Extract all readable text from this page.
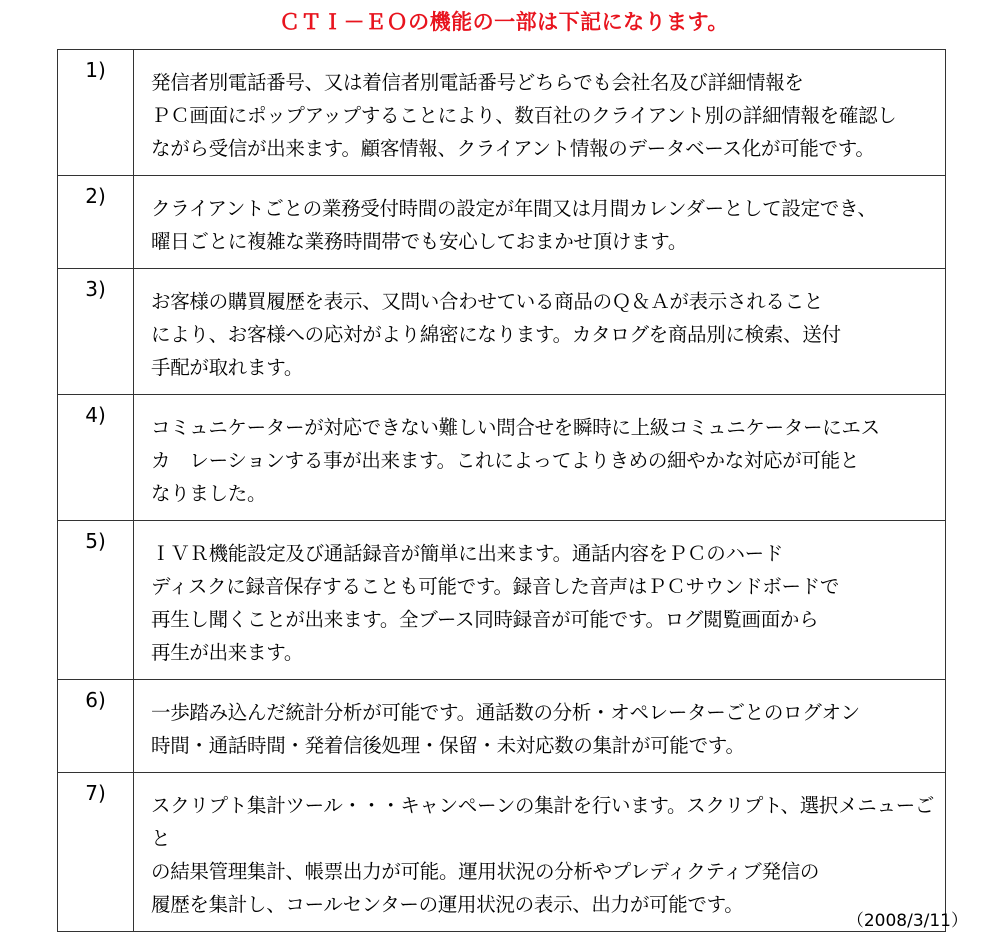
ＣＴＩ－ＥＯの機能の一部は下記になります。
1)	発信者別電話番号、又は着信者別電話番号どちらでも会社名及び詳細情報を
ＰＣ画面にポップアップすることにより、数百社のクライアント別の詳細情報を確認し
ながら受信が出来ます。顧客情報、クライアント情報のデータベース化が可能です。
2)	クライアントごとの業務受付時間の設定が年間又は月間カレンダーとして設定でき、
曜日ごとに複雑な業務時間帯でも安心しておまかせ頂けます。
3)	お客様の購買履歴を表示、又問い合わせている商品のＱ＆Ａが表示されること
により、お客様への応対がより綿密になります。カタログを商品別に検索、送付
手配が取れます。
4)	コミュニケーターが対応できない難しい問合せを瞬時に上級コミュニケーターにエス
カ　レーションする事が出来ます。これによってよりきめの細やかな対応が可能と
なりました。
5)	ＩＶＲ機能設定及び通話録音が簡単に出来ます。通話内容をＰＣのハード
ディスクに録音保存することも可能です。録音した音声はＰＣサウンドボードで
再生し聞くことが出来ます。全ブース同時録音が可能です。ログ閲覧画面から
再生が出来ます。
6)	一歩踏み込んだ統計分析が可能です。通話数の分析・オペレーターごとのログオン
時間・通話時間・発着信後処理・保留・未対応数の集計が可能です。
7)	スクリプト集計ツール・・・キャンペーンの集計を行います。スクリプト、選択メニューごと
の結果管理集計、帳票出力が可能。運用状況の分析やプレディクティブ発信の
履歴を集計し、コールセンターの運用状況の表示、出力が可能です。
（2008/3/11）
